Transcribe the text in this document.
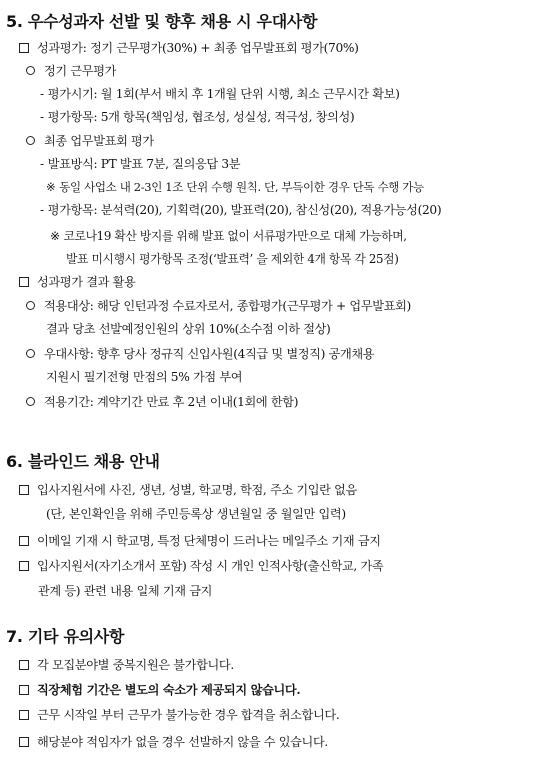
5. 우수성과자 선발 및 향후 채용 시 우대사항
성과평가: 정기 근무평가(30%) + 최종 업무발표회 평가(70%)
정기 근무평가
- 평가시기: 월 1회(부서 배치 후 1개월 단위 시행, 최소 근무시간 확보)
- 평가항목: 5개 항목(책임성, 협조성, 성실성, 적극성, 창의성)
최종 업무발표회 평가
- 발표방식: PT 발표 7분, 질의응답 3분
※ 동일 사업소 내 2-3인 1조 단위 수행 원칙. 단, 부득이한 경우 단독 수행 가능
- 평가항목: 분석력(20), 기획력(20), 발표력(20), 참신성(20), 적용가능성(20)
※ 코로나19 확산 방지를 위해 발표 없이 서류평가만으로 대체 가능하며,
발표 미시행시 평가항목 조정(‘발표력’ 을 제외한 4개 항목 각 25점)
성과평가 결과 활용
적용대상: 해당 인턴과정 수료자로서, 종합평가(근무평가 + 업무발표회)
결과 당초 선발예정인원의 상위 10%(소수점 이하 절상)
우대사항: 향후 당사 정규직 신입사원(4직급 및 별정직) 공개채용
지원시 필기전형 만점의 5% 가점 부여
적용기간: 계약기간 만료 후 2년 이내(1회에 한함)
6. 블라인드 채용 안내
입사지원서에 사진, 생년, 성별, 학교명, 학점, 주소 기입란 없음
(단, 본인확인을 위해 주민등록상 생년월일 중 월일만 입력)
이메일 기재 시 학교명, 특정 단체명이 드러나는 메일주소 기재 금지
입사지원서(자기소개서 포함) 작성 시 개인 인적사항(출신학교, 가족
관계 등) 관련 내용 일체 기재 금지
7. 기타 유의사항
각 모집분야별 중복지원은 불가합니다.
직장체험 기간은 별도의 숙소가 제공되지 않습니다.
근무 시작일 부터 근무가 불가능한 경우 합격을 취소합니다.
해당분야 적임자가 없을 경우 선발하지 않을 수 있습니다.
